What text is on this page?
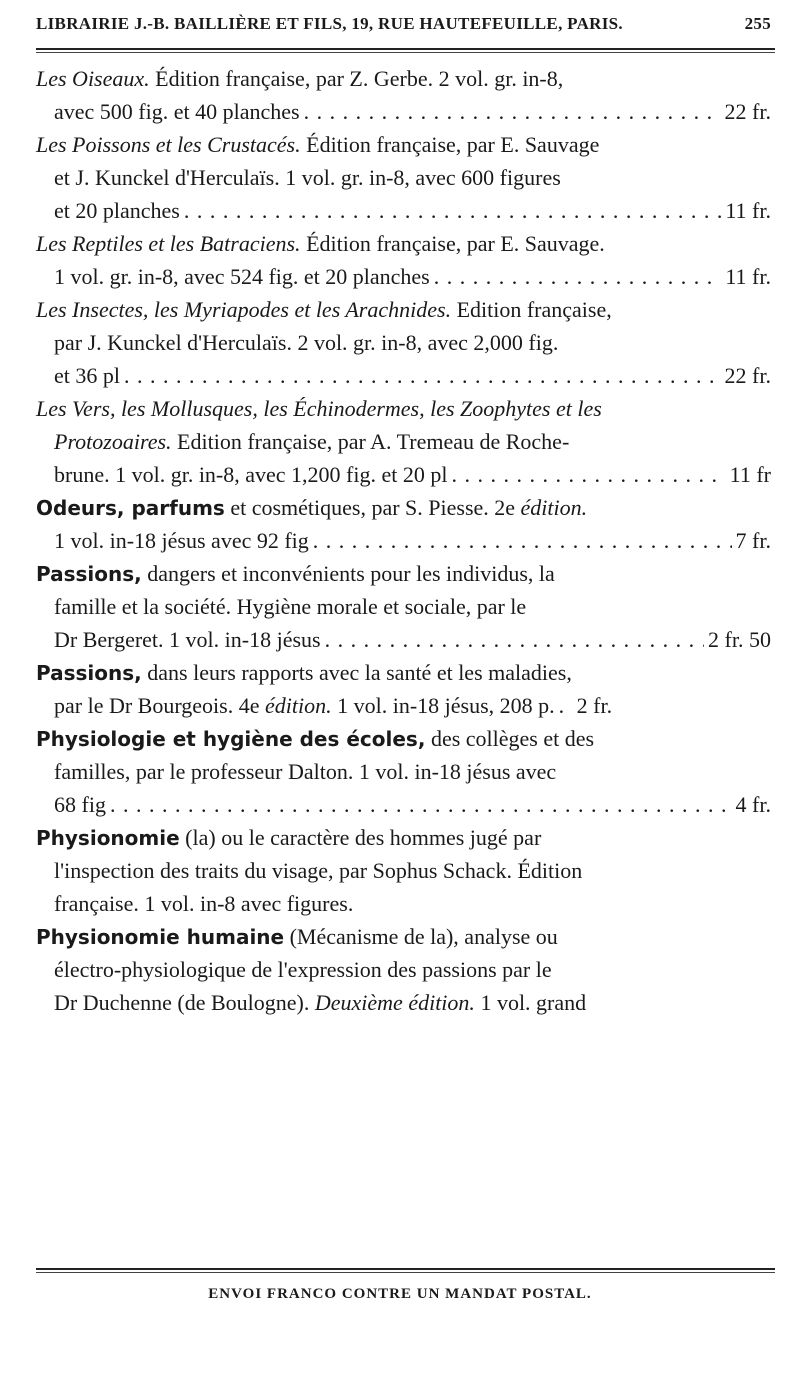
LIBRAIRIE J.-B. BAILLIÈRE ET FILS, 19, RUE HAUTEFEUILLE, PARIS.	255
Les Oiseaux. Édition française, par Z. Gerbe. 2 vol. gr. in-8,
avec 500 fig. et 40 planches . . .	22 fr.
Les Poissons et les Crustacés. Édition française, par E. Sauvage
et J. Kunckel d'Herculaïs. 1 vol. gr. in-8, avec 600 figures
et 20 planches . . .	11 fr.
Les Reptiles et les Batraciens. Édition française, par E. Sauvage.
1 vol. gr. in-8, avec 524 fig. et 20 planches . . .	11 fr.
Les Insectes, les Myriapodes et les Arachnides. Edition française,
par J. Kunckel d'Herculaïs. 2 vol. gr. in-8, avec 2,000 fig.
et 36 pl . . .	22 fr.
Les Vers, les Mollusques, les Échinodermes, les Zoophytes et les
Protozoaires. Edition française, par A. Tremeau de Roche-
brune. 1 vol. gr. in-8, avec 1,200 fig. et 20 pl . . .	11 fr
Odeurs, parfums et cosmétiques, par S. Piesse. 2e édition.
1 vol. in-18 jésus avec 92 fig . . .	7 fr.
Passions, dangers et inconvénients pour les individus, la
famille et la société. Hygiène morale et sociale, par le
Dr Bergeret. 1 vol. in-18 jésus . . .	2 fr. 50
Passions, dans leurs rapports avec la santé et les maladies,
par le Dr Bourgeois. 4e édition. 1 vol. in-18 jésus, 208 p. . . . 2 fr.
Physiologie et hygiène des écoles, des collèges et des
familles, par le professeur Dalton. 1 vol. in-18 jésus avec
68 fig . . .	4 fr.
Physionomie (la) ou le caractère des hommes jugé par
l'inspection des traits du visage, par Sophus Schack. Édition
française. 1 vol. in-8 avec figures.
Physionomie humaine (Mécanisme de la), analyse ou
électro-physiologique de l'expression des passions par le
Dr Duchenne (de Boulogne). Deuxième édition. 1 vol. grand
ENVOI FRANCO CONTRE UN MANDAT POSTAL.
